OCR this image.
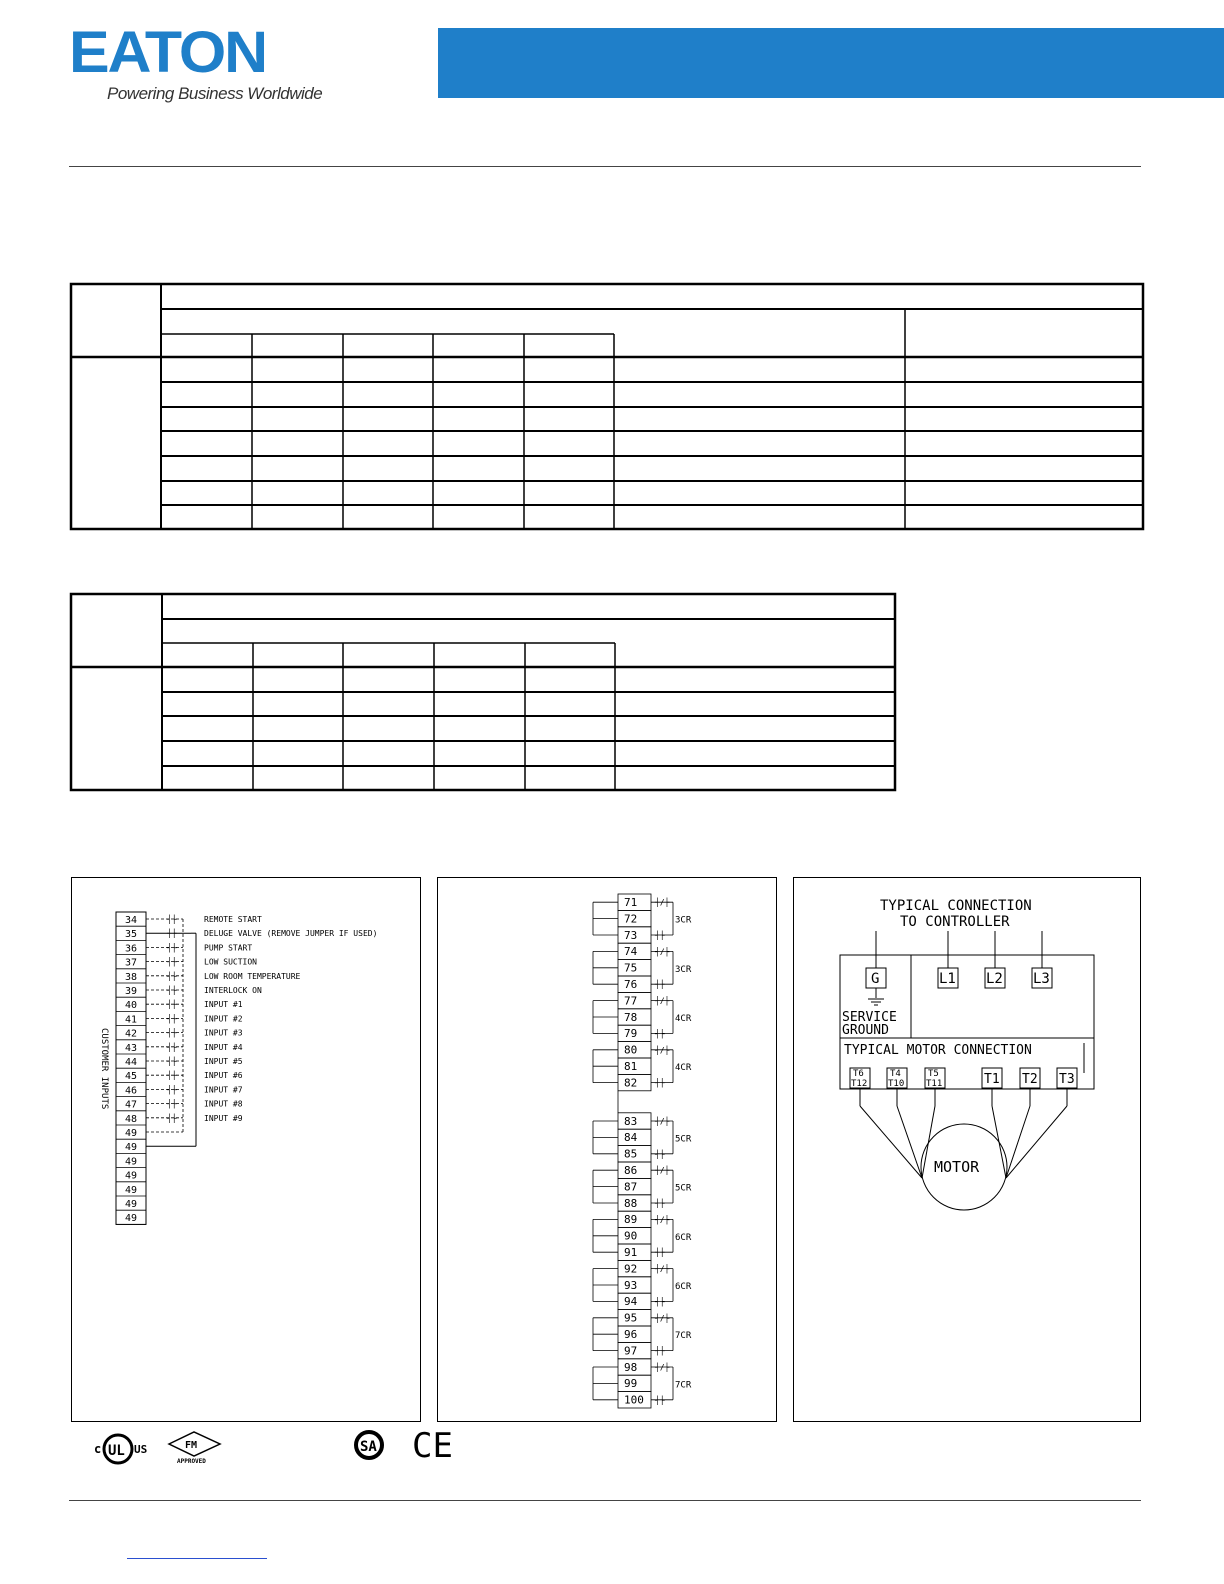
EATON
Powering Business Worldwide
34
35
36
37
38
39
40
41
42
43
44
45
46
47
48
49
49
49
49
49
49
49
┤├	REMOTE START
┤├	DELUGE VALVE (REMOVE JUMPER IF USED)
┤├	PUMP START
┤├	LOW SUCTION
┤├	LOW ROOM TEMPERATURE
┤├	INTERLOCK ON
┤├	INPUT #1
┤├	INPUT #2
┤├	INPUT #3
┤├	INPUT #4
┤├	INPUT #5
┤├	INPUT #6
┤├	INPUT #7
┤├	INPUT #8
┤├	INPUT #9
CUSTOMER INPUTS
71 ┤/├
72
73 ┤├
74 ┤/├
75
76 ┤├
77 ┤/├
78
79 ┤├
80 ┤/├
81
82 ┤├
83 ┤/├
84
85 ┤├
86 ┤/├
87
88 ┤├
89 ┤/├
90
91 ┤├
92 ┤/├
93
94 ┤├
95 ┤/├
96
97 ┤├
98 ┤/├
99
100 ┤├
3CR
3CR
4CR
4CR
5CR
5CR
6CR
6CR
7CR
7CR
TYPICAL CONNECTION
TO CONTROLLER
G	L1 L2 L3
SERVICE
GROUND
TYPICAL MOTOR CONNECTION
MOTOR
T6
T12
T4
T10
T5
T11	T1 T2 T3
c UL US	FM
APPROVED
SA CE
